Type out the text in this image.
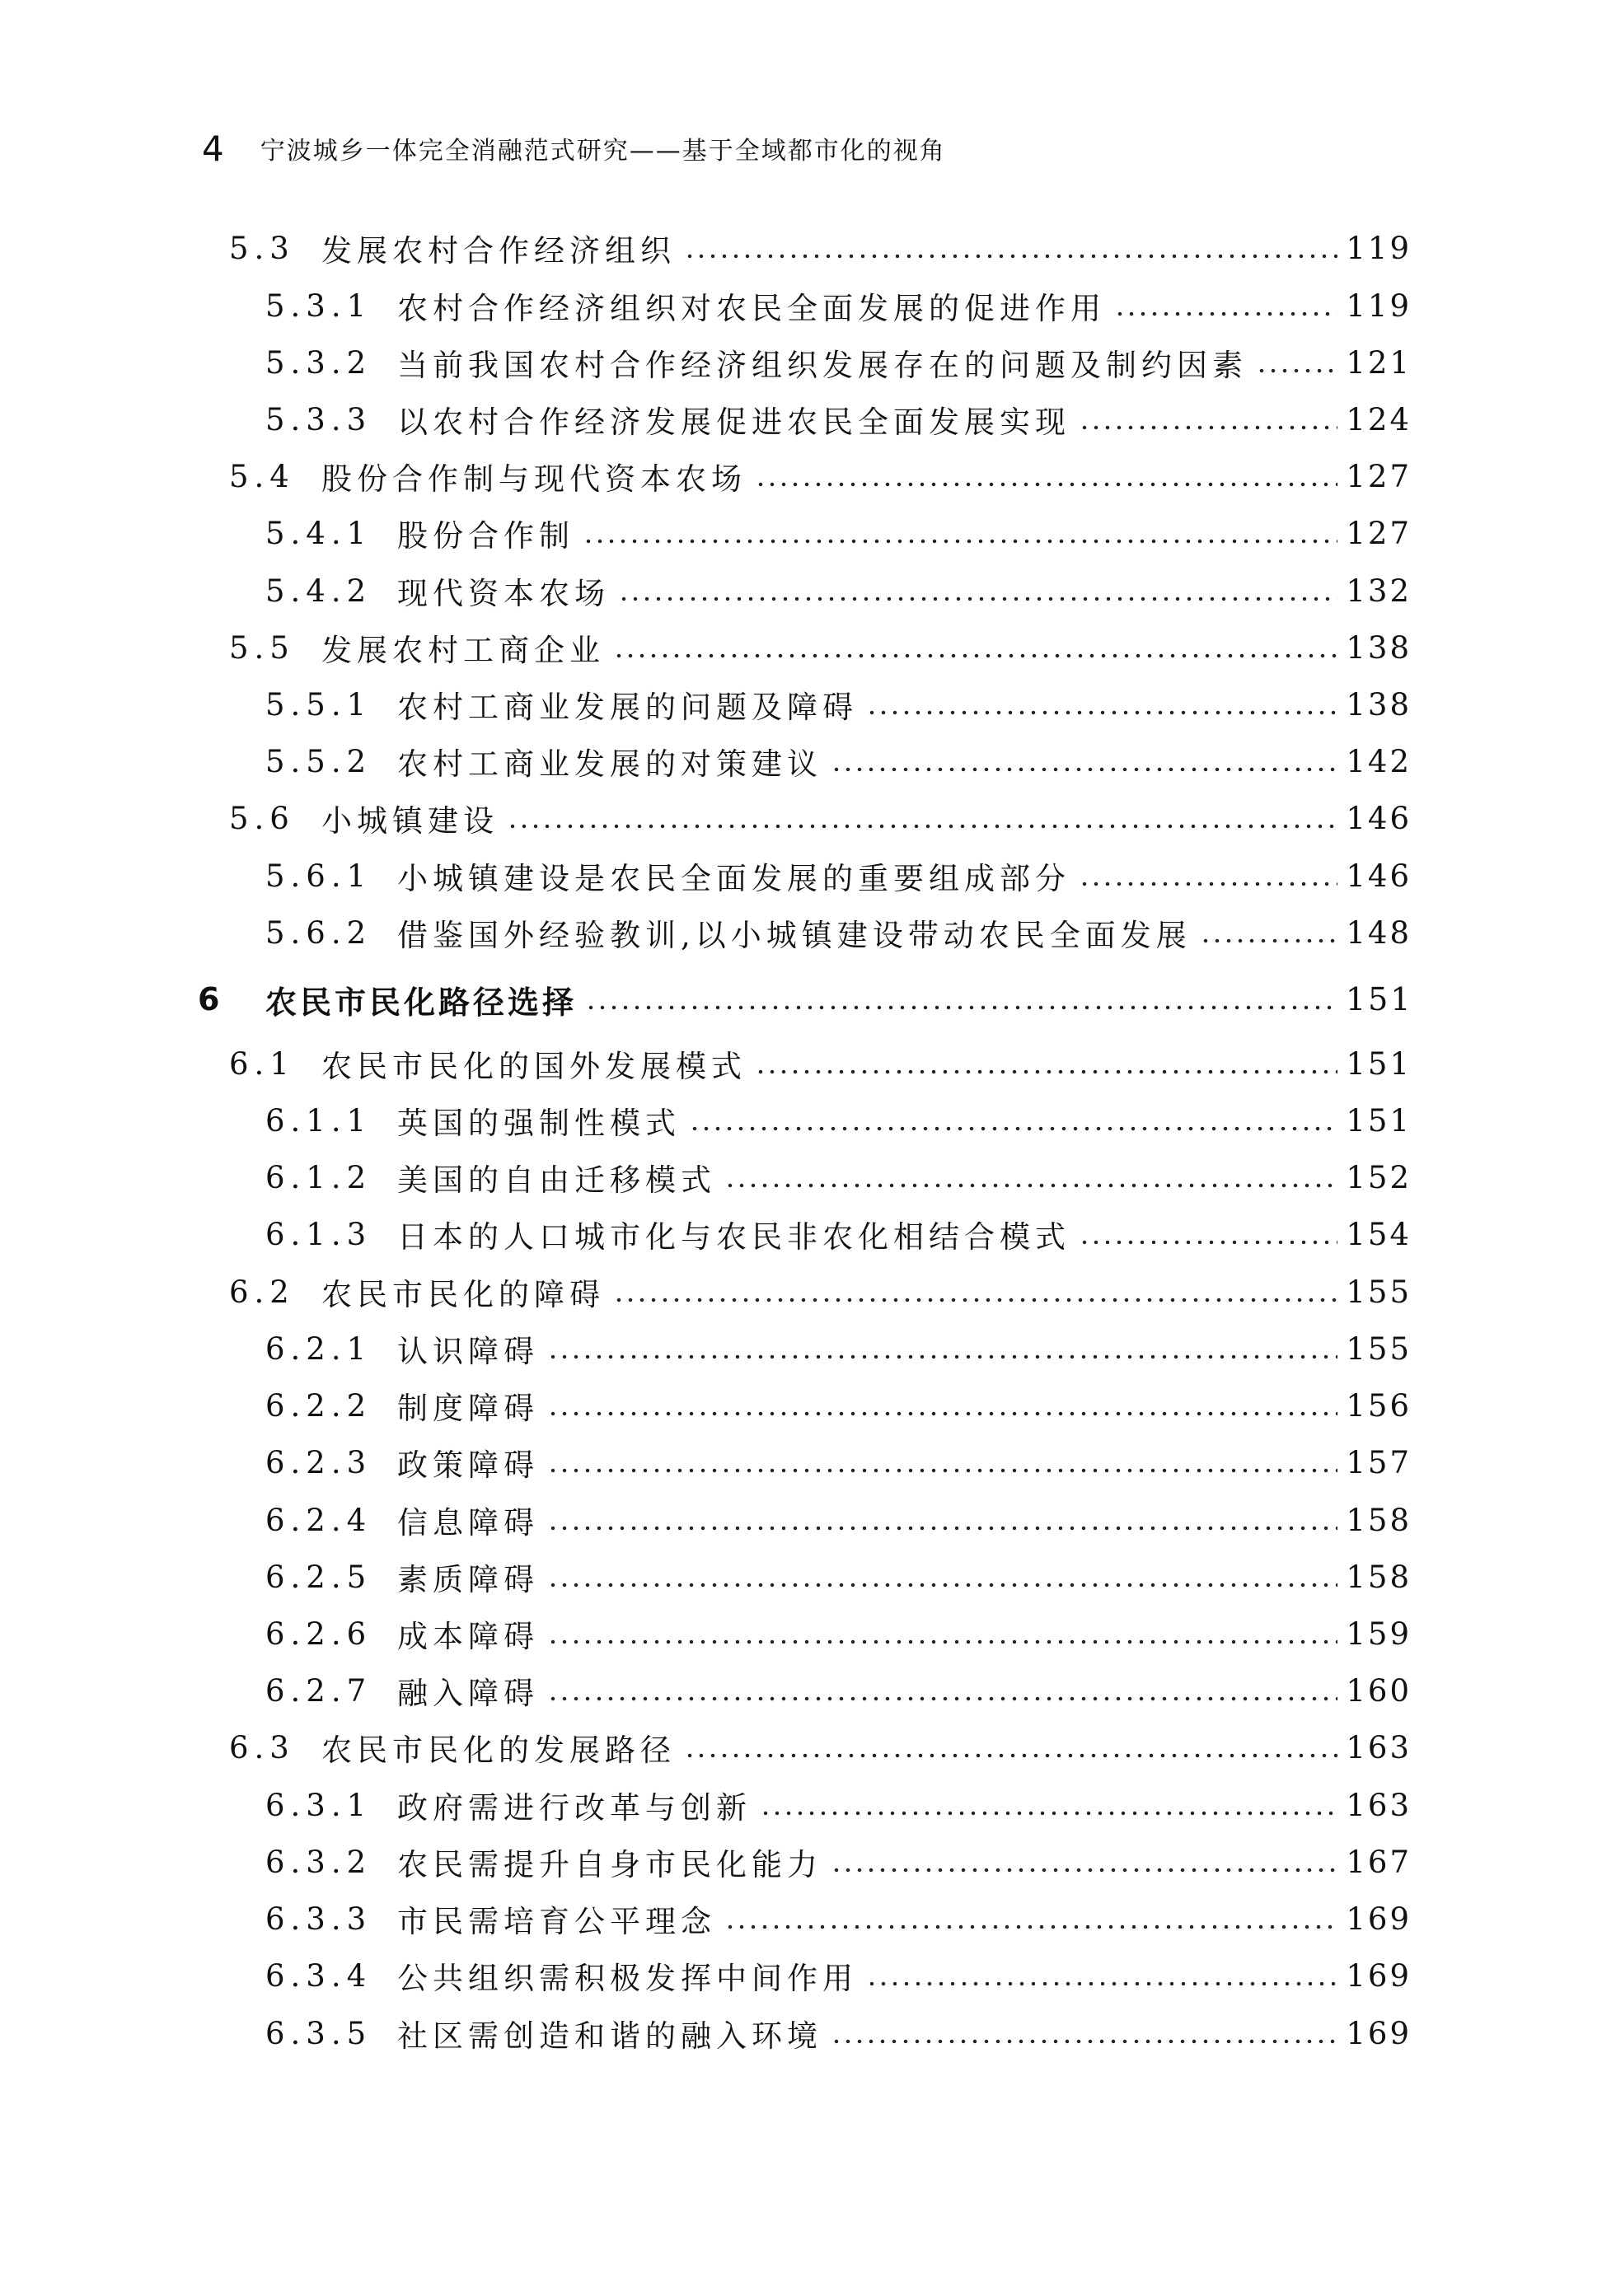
4 宁波城乡一体完全消融范式研究——基于全域都市化的视角
5.3 发展农村合作经济组织	119
5.3.1 农村合作经济组织对农民全面发展的促进作用	119
5.3.2 当前我国农村合作经济组织发展存在的问题及制约因素	121
5.3.3 以农村合作经济发展促进农民全面发展实现	124
5.4 股份合作制与现代资本农场	127
5.4.1 股份合作制	127
5.4.2 现代资本农场	132
5.5 发展农村工商企业	138
5.5.1 农村工商业发展的问题及障碍	138
5.5.2 农村工商业发展的对策建议	142
5.6 小城镇建设	146
5.6.1 小城镇建设是农民全面发展的重要组成部分	146
5.6.2 借鉴国外经验教训,以小城镇建设带动农民全面发展	148
6	农民市民化路径选择	151
6.1 农民市民化的国外发展模式	151
6.1.1 英国的强制性模式	151
6.1.2 美国的自由迁移模式	152
6.1.3 日本的人口城市化与农民非农化相结合模式	154
6.2 农民市民化的障碍	155
6.2.1 认识障碍	155
6.2.2 制度障碍	156
6.2.3 政策障碍	157
6.2.4 信息障碍	158
6.2.5 素质障碍	158
6.2.6 成本障碍	159
6.2.7 融入障碍	160
6.3 农民市民化的发展路径	163
6.3.1 政府需进行改革与创新	163
6.3.2 农民需提升自身市民化能力	167
6.3.3 市民需培育公平理念	169
6.3.4 公共组织需积极发挥中间作用	169
6.3.5 社区需创造和谐的融入环境	169
